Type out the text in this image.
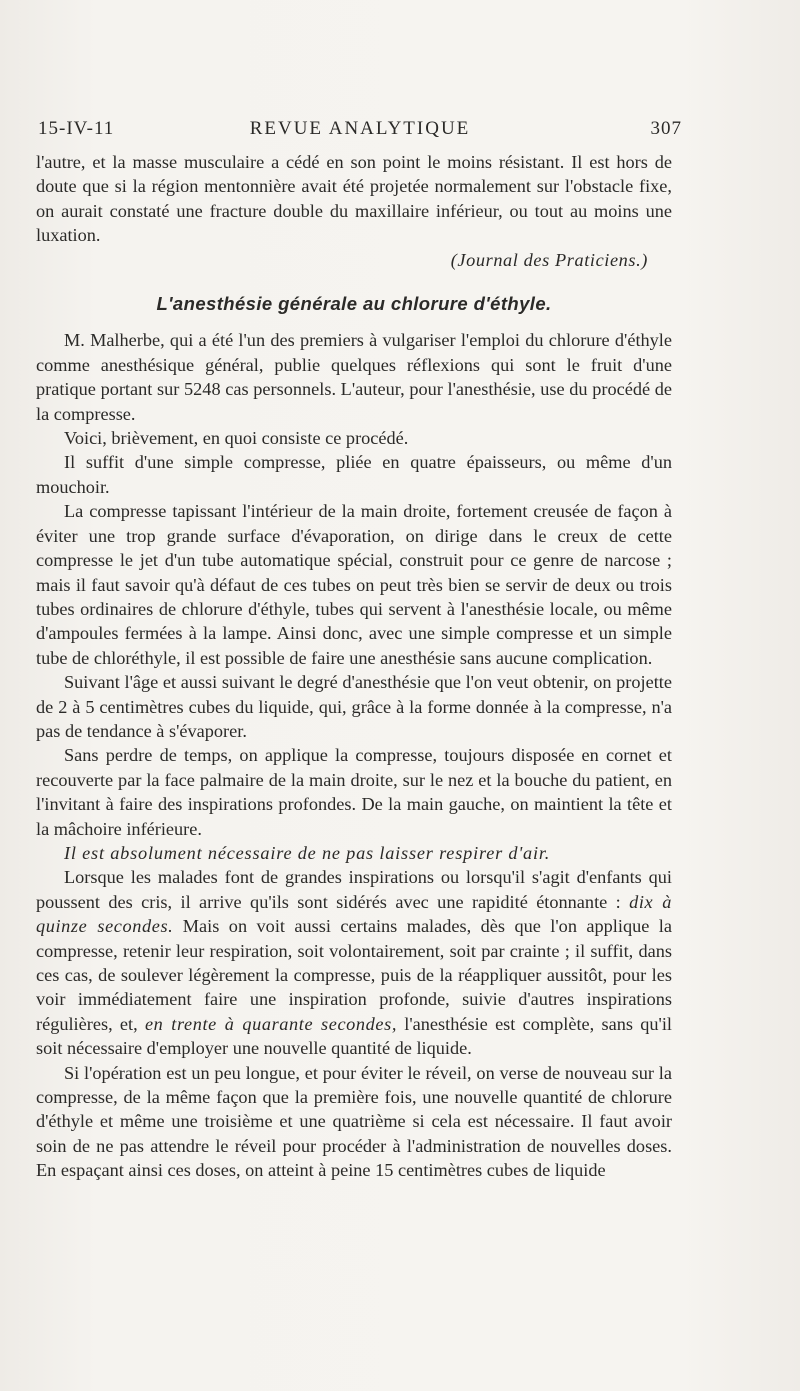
15-IV-11	REVUE ANALYTIQUE	307

l'autre, et la masse musculaire a cédé en son point le moins résistant. Il est hors de doute que si la région mentonnière avait été projetée normalement sur l'obstacle fixe, on aurait constaté une fracture double du maxillaire inférieur, ou tout au moins une luxation.

(Journal des Praticiens.)

L'anesthésie générale au chlorure d'éthyle.

M. Malherbe, qui a été l'un des premiers à vulgariser l'emploi du chlorure d'éthyle comme anesthésique général, publie quelques réflexions qui sont le fruit d'une pratique portant sur 5248 cas personnels. L'auteur, pour l'anesthésie, use du procédé de la compresse.

Voici, brièvement, en quoi consiste ce procédé.

Il suffit d'une simple compresse, pliée en quatre épaisseurs, ou même d'un mouchoir.

La compresse tapissant l'intérieur de la main droite, fortement creusée de façon à éviter une trop grande surface d'évaporation, on dirige dans le creux de cette compresse le jet d'un tube automatique spécial, construit pour ce genre de narcose ; mais il faut savoir qu'à défaut de ces tubes on peut très bien se servir de deux ou trois tubes ordinaires de chlorure d'éthyle, tubes qui servent à l'anesthésie locale, ou même d'ampoules fermées à la lampe. Ainsi donc, avec une simple compresse et un simple tube de chloréthyle, il est possible de faire une anesthésie sans aucune complication.

Suivant l'âge et aussi suivant le degré d'anesthésie que l'on veut obtenir, on projette de 2 à 5 centimètres cubes du liquide, qui, grâce à la forme donnée à la compresse, n'a pas de tendance à s'évaporer.

Sans perdre de temps, on applique la compresse, toujours disposée en cornet et recouverte par la face palmaire de la main droite, sur le nez et la bouche du patient, en l'invitant à faire des inspirations profondes. De la main gauche, on maintient la tête et la mâchoire inférieure.

Il est absolument nécessaire de ne pas laisser respirer d'air.

Lorsque les malades font de grandes inspirations ou lorsqu'il s'agit d'enfants qui poussent des cris, il arrive qu'ils sont sidérés avec une rapidité étonnante : dix à quinze secondes. Mais on voit aussi certains malades, dès que l'on applique la compresse, retenir leur respiration, soit volontairement, soit par crainte ; il suffit, dans ces cas, de soulever légèrement la compresse, puis de la réappliquer aussitôt, pour les voir immédiatement faire une inspiration profonde, suivie d'autres inspirations régulières, et, en trente à quarante secondes, l'anesthésie est complète, sans qu'il soit nécessaire d'employer une nouvelle quantité de liquide.

Si l'opération est un peu longue, et pour éviter le réveil, on verse de nouveau sur la compresse, de la même façon que la première fois, une nouvelle quantité de chlorure d'éthyle et même une troisième et une quatrième si cela est nécessaire. Il faut avoir soin de ne pas attendre le réveil pour procéder à l'administration de nouvelles doses. En espaçant ainsi ces doses, on atteint à peine 15 centimètres cubes de liquide
